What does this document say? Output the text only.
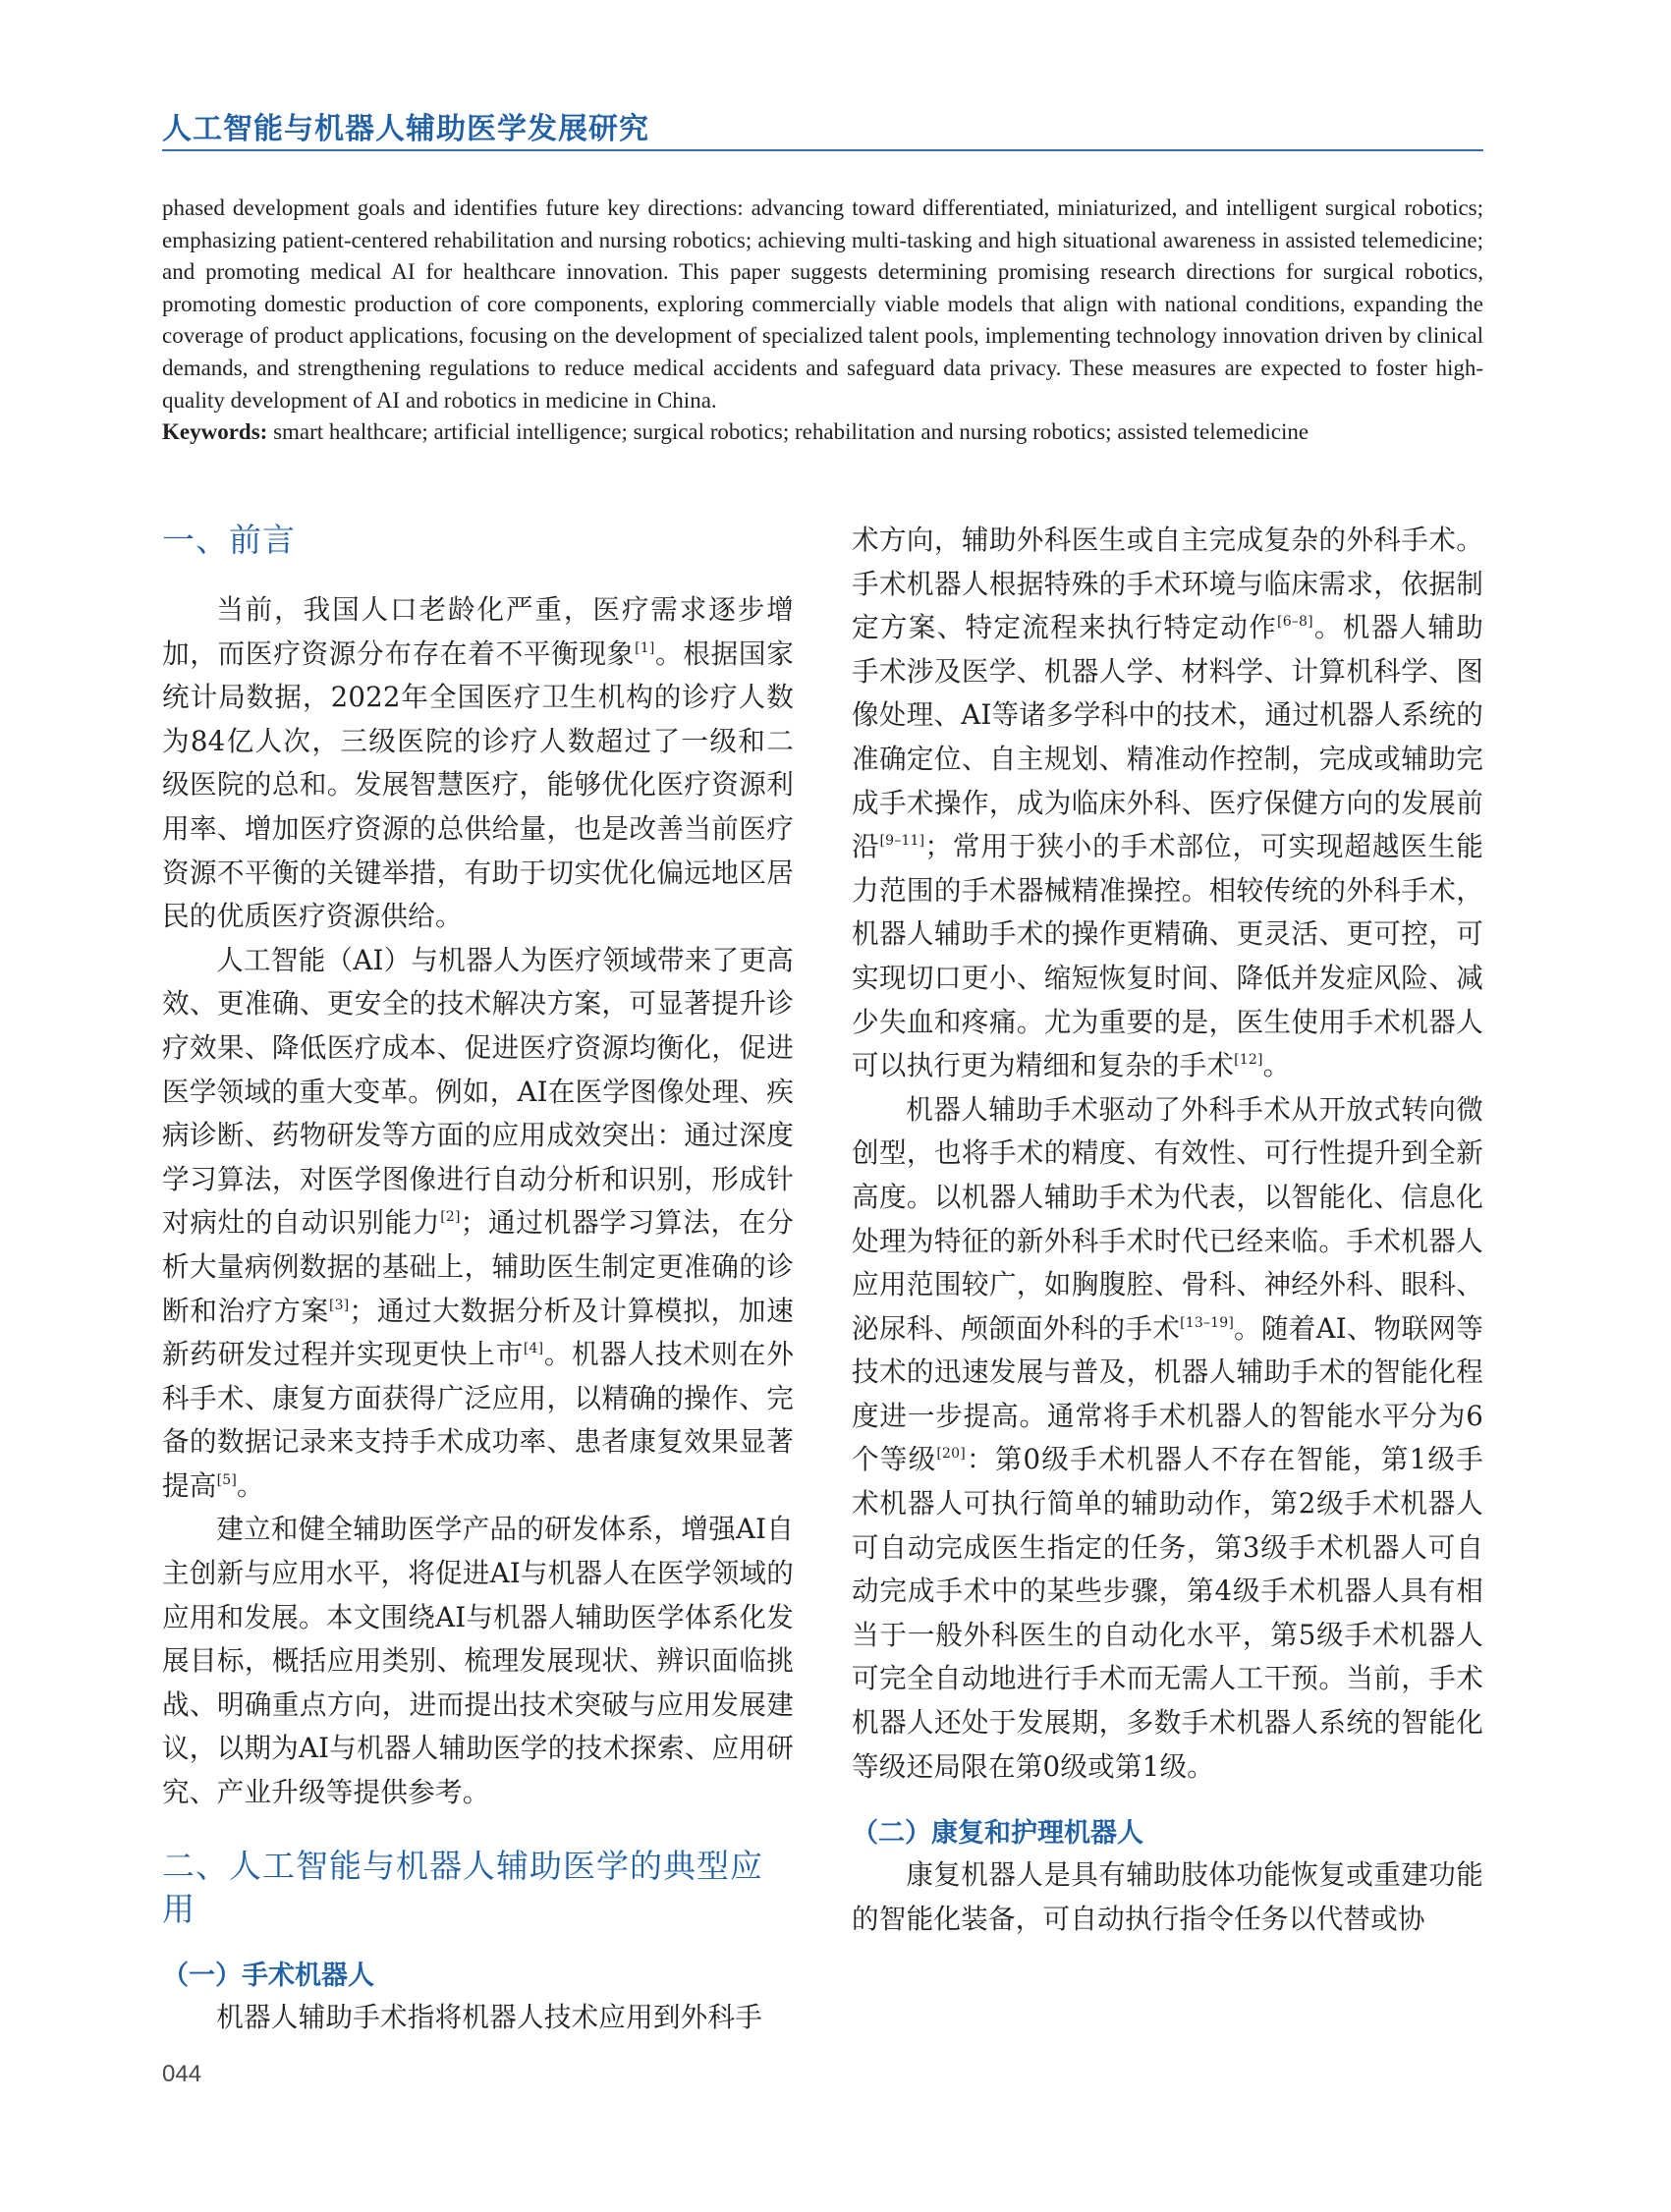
人工智能与机器人辅助医学发展研究

phased development goals and identifies future key directions: advancing toward differentiated, miniaturized, and intelligent surgical robotics; emphasizing patient-centered rehabilitation and nursing robotics; achieving multi-tasking and high situational awareness in assisted telemedicine; and promoting medical AI for healthcare innovation. This paper suggests determining promising research directions for surgical robotics, promoting domestic production of core components, exploring commercially viable models that align with national conditions, expanding the coverage of product applications, focusing on the development of specialized talent pools, implementing technology innovation driven by clinical demands, and strengthening regulations to reduce medical accidents and safeguard data privacy. These measures are expected to foster high-quality development of AI and robotics in medicine in China.

Keywords: smart healthcare; artificial intelligence; surgical robotics; rehabilitation and nursing robotics; assisted telemedicine

一、前言

当前，我国人口老龄化严重，医疗需求逐步增加，而医疗资源分布存在着不平衡现象[1]。根据国家统计局数据，2022年全国医疗卫生机构的诊疗人数为84亿人次，三级医院的诊疗人数超过了一级和二级医院的总和。发展智慧医疗，能够优化医疗资源利用率、增加医疗资源的总供给量，也是改善当前医疗资源不平衡的关键举措，有助于切实优化偏远地区居民的优质医疗资源供给。

人工智能（AI）与机器人为医疗领域带来了更高效、更准确、更安全的技术解决方案，可显著提升诊疗效果、降低医疗成本、促进医疗资源均衡化，促进医学领域的重大变革。例如，AI在医学图像处理、疾病诊断、药物研发等方面的应用成效突出：通过深度学习算法，对医学图像进行自动分析和识别，形成针对病灶的自动识别能力[2]；通过机器学习算法，在分析大量病例数据的基础上，辅助医生制定更准确的诊断和治疗方案[3]；通过大数据分析及计算模拟，加速新药研发过程并实现更快上市[4]。机器人技术则在外科手术、康复方面获得广泛应用，以精确的操作、完备的数据记录来支持手术成功率、患者康复效果显著提高[5]。

建立和健全辅助医学产品的研发体系，增强AI自主创新与应用水平，将促进AI与机器人在医学领域的应用和发展。本文围绕AI与机器人辅助医学体系化发展目标，概括应用类别、梳理发展现状、辨识面临挑战、明确重点方向，进而提出技术突破与应用发展建议，以期为AI与机器人辅助医学的技术探索、应用研究、产业升级等提供参考。

二、人工智能与机器人辅助医学的典型应用
（一）手术机器人

机器人辅助手术指将机器人技术应用到外科手

术方向，辅助外科医生或自主完成复杂的外科手术。手术机器人根据特殊的手术环境与临床需求，依据制定方案、特定流程来执行特定动作[6–8]。机器人辅助手术涉及医学、机器人学、材料学、计算机科学、图像处理、AI等诸多学科中的技术，通过机器人系统的准确定位、自主规划、精准动作控制，完成或辅助完成手术操作，成为临床外科、医疗保健方向的发展前沿[9–11]；常用于狭小的手术部位，可实现超越医生能力范围的手术器械精准操控。相较传统的外科手术，机器人辅助手术的操作更精确、更灵活、更可控，可实现切口更小、缩短恢复时间、降低并发症风险、减少失血和疼痛。尤为重要的是，医生使用手术机器人可以执行更为精细和复杂的手术[12]。

机器人辅助手术驱动了外科手术从开放式转向微创型，也将手术的精度、有效性、可行性提升到全新高度。以机器人辅助手术为代表，以智能化、信息化处理为特征的新外科手术时代已经来临。手术机器人应用范围较广，如胸腹腔、骨科、神经外科、眼科、泌尿科、颅颌面外科的手术[13–19]。随着AI、物联网等技术的迅速发展与普及，机器人辅助手术的智能化程度进一步提高。通常将手术机器人的智能水平分为6个等级[20]：第0级手术机器人不存在智能，第1级手术机器人可执行简单的辅助动作，第2级手术机器人可自动完成医生指定的任务，第3级手术机器人可自动完成手术中的某些步骤，第4级手术机器人具有相当于一般外科医生的自动化水平，第5级手术机器人可完全自动地进行手术而无需人工干预。当前，手术机器人还处于发展期，多数手术机器人系统的智能化等级还局限在第0级或第1级。

（二）康复和护理机器人

康复机器人是具有辅助肢体功能恢复或重建功能的智能化装备，可自动执行指令任务以代替或协

044
